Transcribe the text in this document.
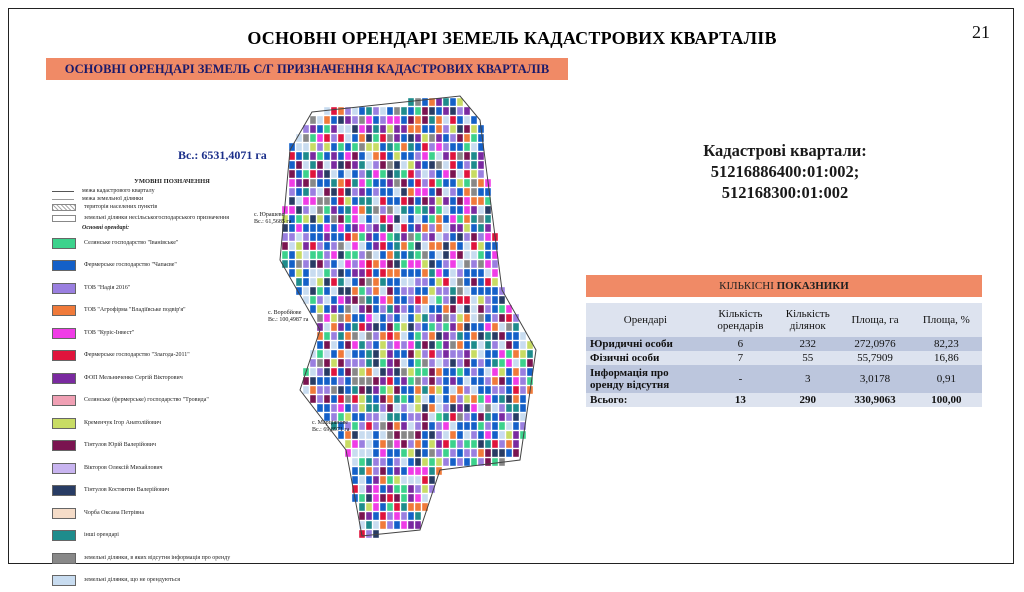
21
ОСНОВНІ ОРЕНДАРІ ЗЕМЕЛЬ КАДАСТРОВИХ КВАРТАЛІВ
ОСНОВНІ ОРЕНДАРІ ЗЕМЕЛЬ С/Г ПРИЗНАЧЕННЯ КАДАСТРОВИХ КВАРТАЛІВ
Вс.: 6531,4071 га
с. Юрашеве
Вс.: 61,5685 га
с. Воробйове
Вс.: 100,4987 га
с. Марціянове
Вс.: 69,8971 га
УМОВНІ ПОЗНАЧЕННЯ
межа кадастрового кварталу
межа земельної ділянки
територія населених пунктів
земельні ділянки несільськогосподарського призначення
Основні орендарі:
Селянське господарство "Іванівське"
Фермерське господарство "Чапаєве"
ТОВ "Надія 2016"
ТОВ "Агрофірма "Владіївське подвір'я"
ТОВ "Куріс-Інвест"
Фермерське господарство "Злагода-2011"
ФОП Мельниченко Сергій Вікторович
Селянське (фермерське) господарство "Тровида"
Кременчук Ігор Анатолійович
Тінтулов Юрій Валерійович
Вікторов Олексій Михайлович
Тінтулов Костянтин Валерійович
Чорба Оксана Петрівна
інші орендарі
земельні ділянки, в яких відсутня інформація про оренду
земельні ділянки, що не орендуються
Кадастрові квартали:
51216886400:01:002;
512168300:01:002
КІЛЬКІСНІ ПОКАЗНИКИ
Орендарі	Кількість орендарів	Кількість ділянок	Площа, га	Площа, %
Юридичні особи	6	232	272,0976	82,23
Фізичні особи	7	55	55,7909	16,86
Інформація про оренду відсутня	-	3	3,0178	0,91
Всього:	13	290	330,9063	100,00
